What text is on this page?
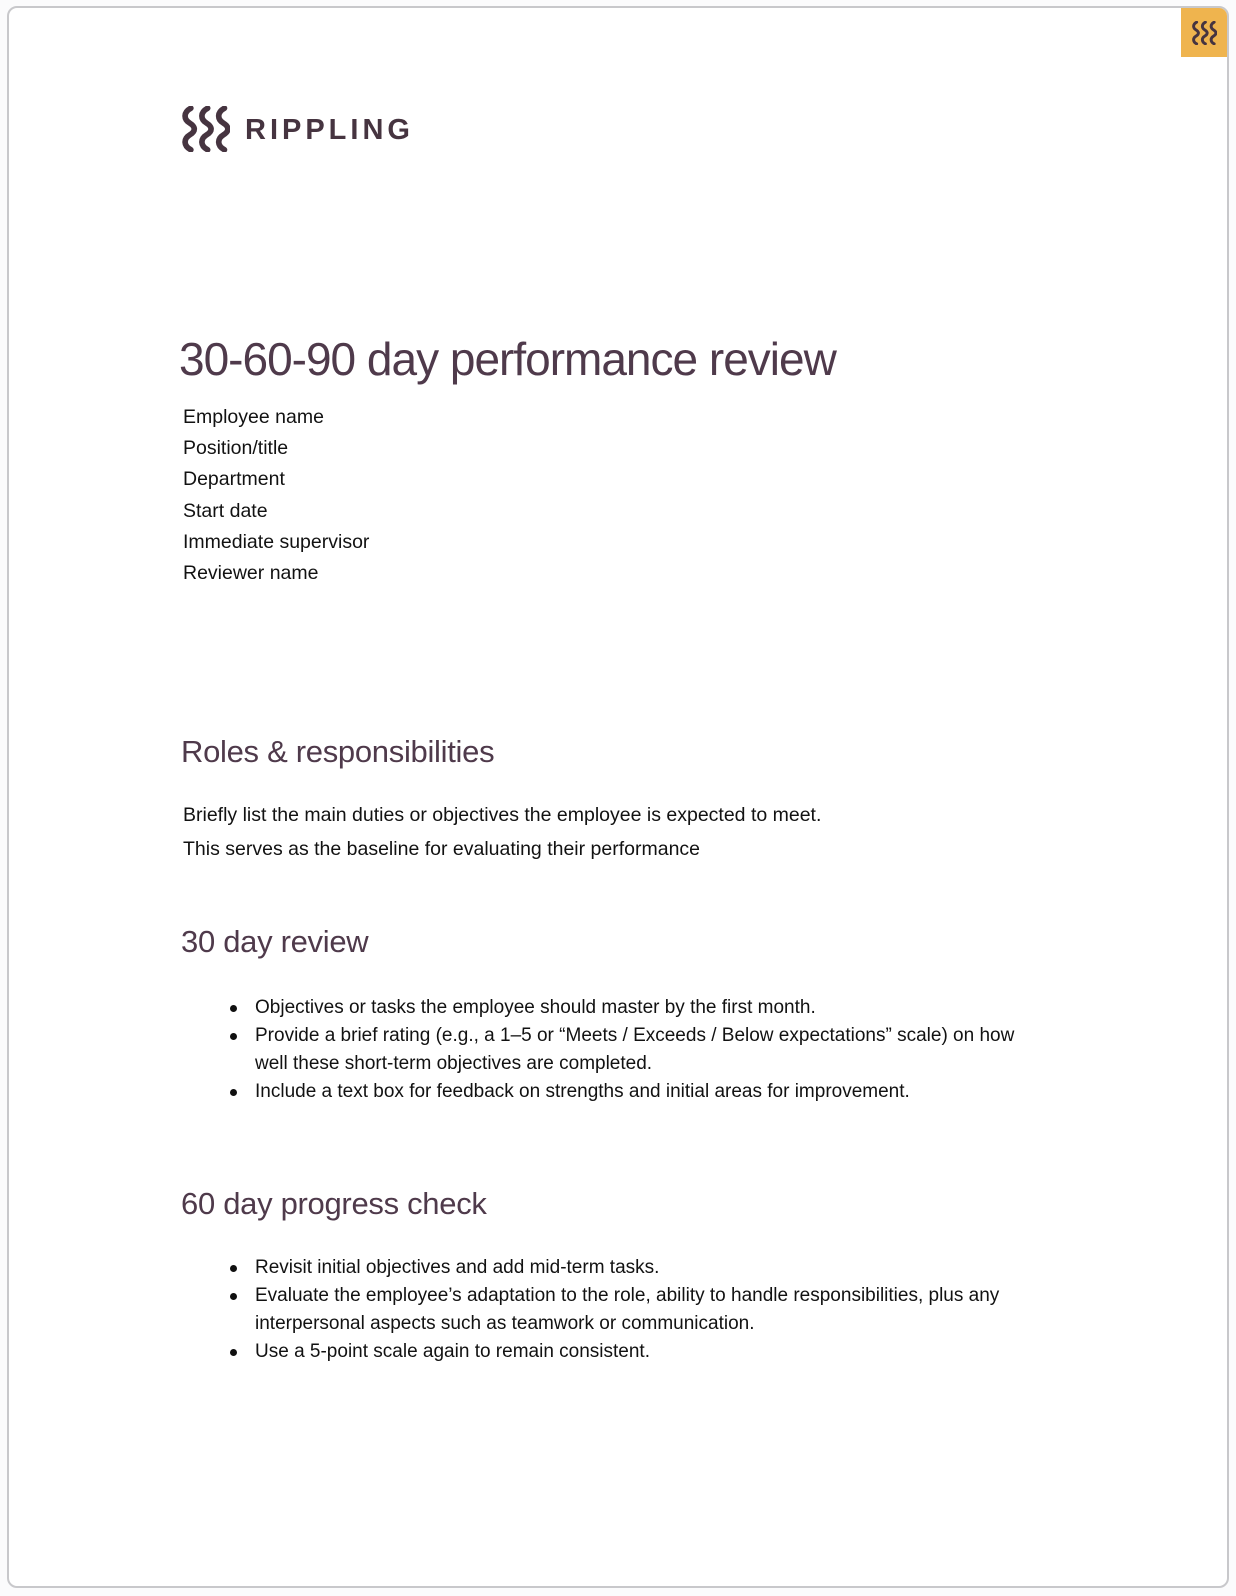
RIPPLING
30-60-90 day performance review
Employee name
Position/title
Department
Start date
Immediate supervisor
Reviewer name
Roles & responsibilities
Briefly list the main duties or objectives the employee is expected to meet.
This serves as the baseline for evaluating their performance
30 day review
Objectives or tasks the employee should master by the first month.
Provide a brief rating (e.g., a 1–5 or “Meets / Exceeds / Below expectations” scale) on how well these short-term objectives are completed.
Include a text box for feedback on strengths and initial areas for improvement.
60 day progress check
Revisit initial objectives and add mid-term tasks.
Evaluate the employee’s adaptation to the role, ability to handle responsibilities, plus any interpersonal aspects such as teamwork or communication.
Use a 5-point scale again to remain consistent.
